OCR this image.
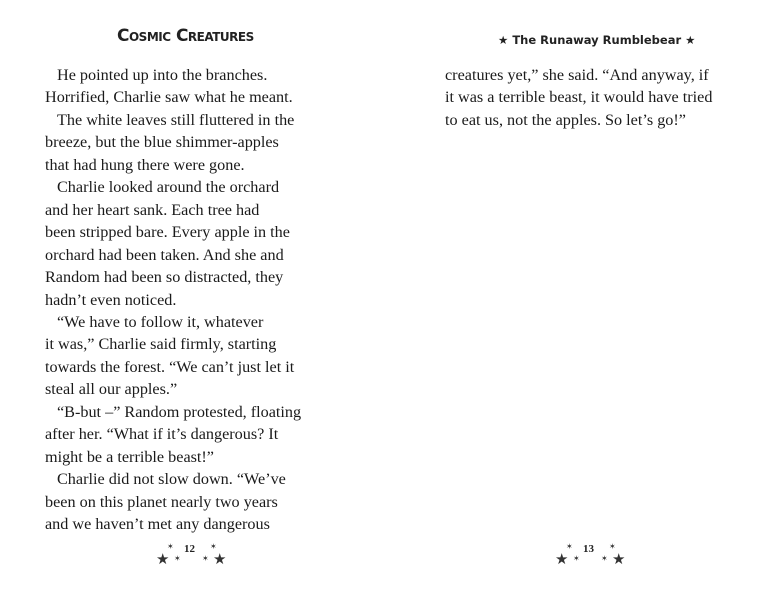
Cosmic Creatures
He pointed up into the branches.
Horrified, Charlie saw what he meant.
The white leaves still fluttered in the
breeze, but the blue shimmer-apples
that had hung there were gone.
Charlie looked around the orchard
and her heart sank. Each tree had
been stripped bare. Every apple in the
orchard had been taken. And she and
Random had been so distracted, they
hadn’t even noticed.
“We have to follow it, whatever
it was,” Charlie said firmly, starting
towards the forest. “We can’t just let it
steal all our apples.”
“B-but –” Random protested, floating
after her. “What if it’s dangerous? It
might be a terrible beast!”
Charlie did not slow down. “We’ve
been on this planet nearly two years
and we haven’t met any dangerous
★
✶
✶
12
✶
✶
★
★ The Runaway Rumblebear ★
creatures yet,” she said. “And anyway, if
it was a terrible beast, it would have tried
to eat us, not the apples. So let’s go!”
★
✶
✶
13
✶
✶
★
